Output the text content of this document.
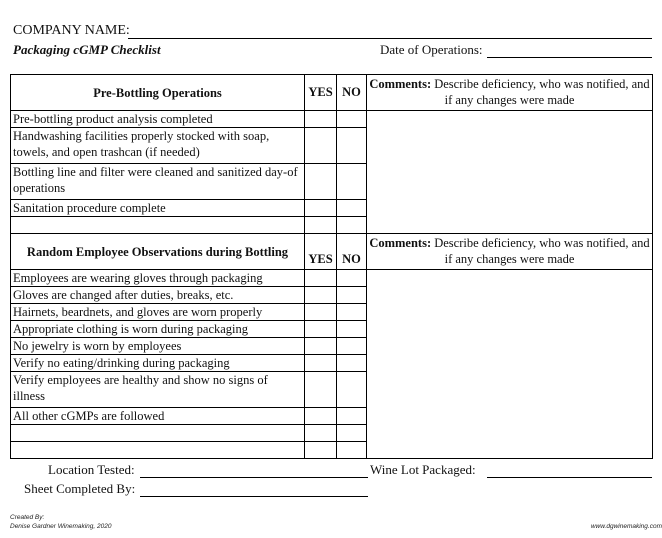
COMPANY NAME:
Packaging cGMP Checklist	Date of Operations:
Pre-Bottling Operations	YES	NO	Comments: Describe deficiency, who was notified, and if any changes were made
Pre-bottling product analysis completed			
Handwashing facilities properly stocked with soap, towels, and open trashcan (if needed)			
Bottling line and filter were cleaned and sanitized day-of operations			
Sanitation procedure complete			

Random Employee Observations during Bottling	YES	NO	Comments: Describe deficiency, who was notified, and if any changes were made
Employees are wearing gloves through packaging			
Gloves are changed after duties, breaks, etc.			
Hairnets, beardnets, and gloves are worn properly			
Appropriate clothing is worn during packaging			
No jewelry is worn by employees			
Verify no eating/drinking during packaging			
Verify employees are healthy and show no signs of illness			
All other cGMPs are followed			

Location Tested:	Wine Lot Packaged:
Sheet Completed By:
Created By:
Denise Gardner Winemaking, 2020	www.dgwinemaking.com
